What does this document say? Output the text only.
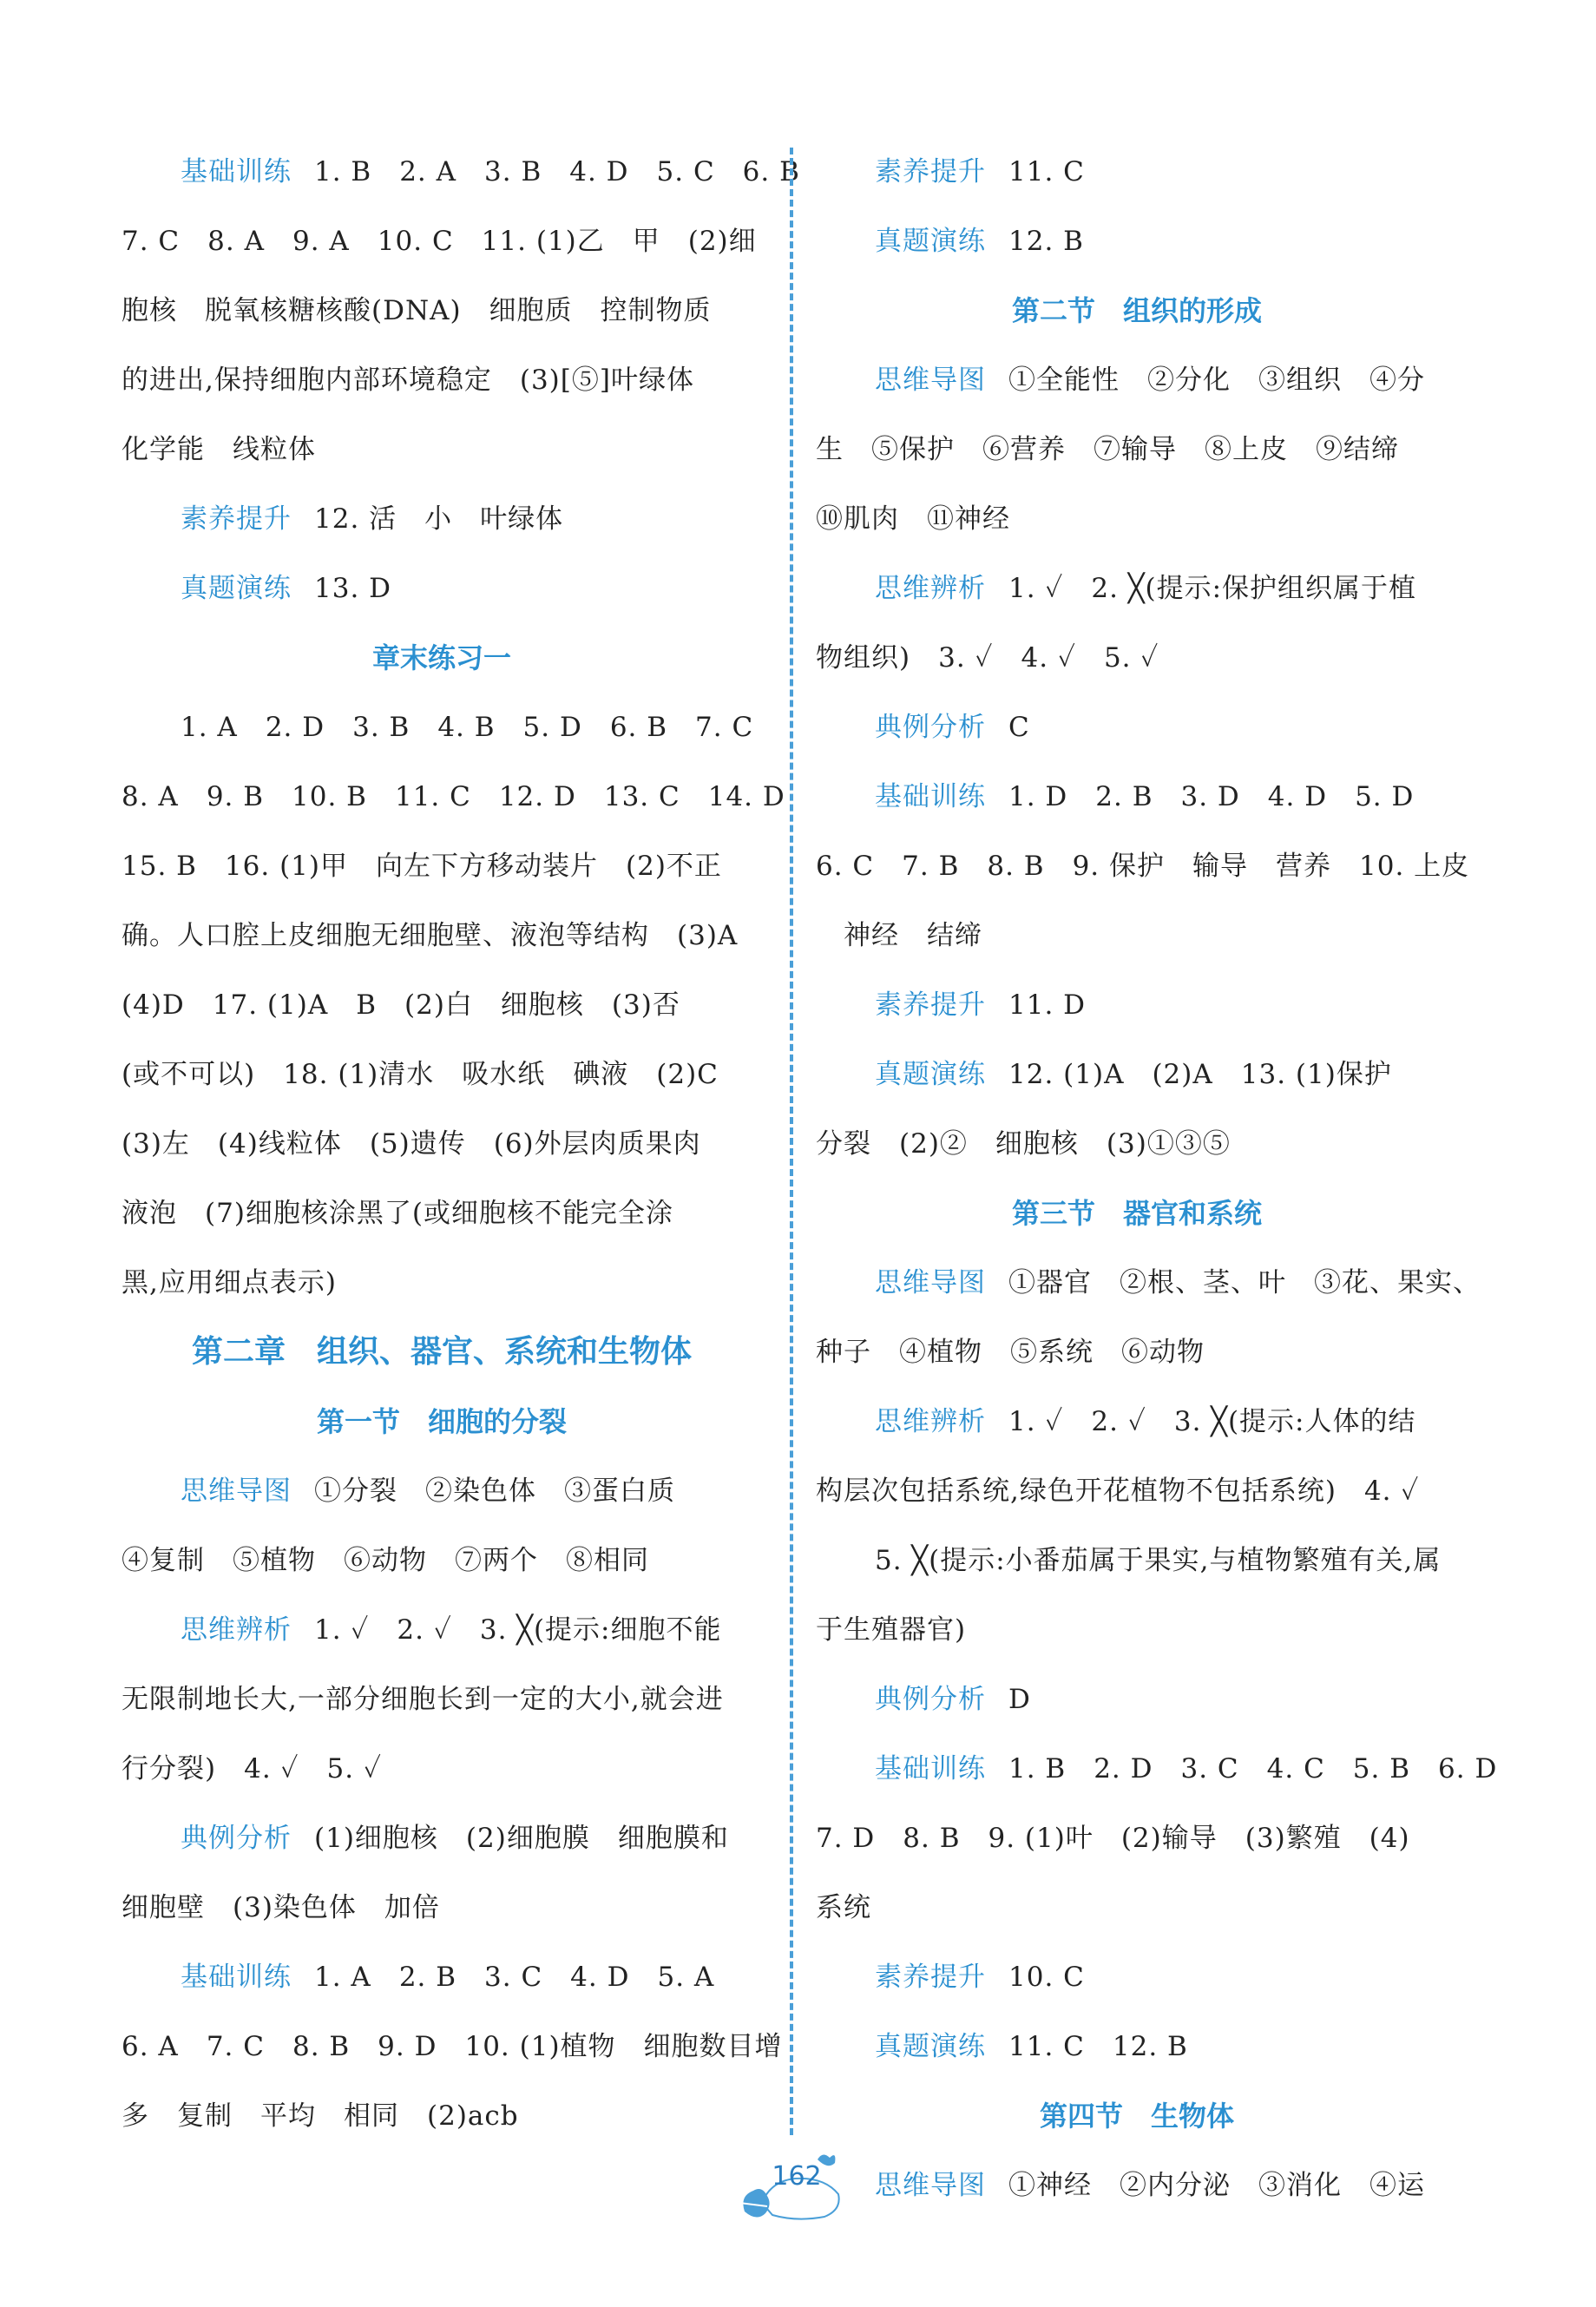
基础训练 1. B　2. A　3. B　4. D　5. C　6. B
7. C　8. A　9. A　10. C　11. (1)乙　甲　(2)细
胞核　脱氧核糖核酸(DNA)　细胞质　控制物质
的进出,保持细胞内部环境稳定　(3)[⑤]叶绿体
化学能　线粒体
素养提升 12. 活　小　叶绿体
真题演练 13. D
章末练习一
1. A　2. D　3. B　4. B　5. D　6. B　7. C
8. A　9. B　10. B　11. C　12. D　13. C　14. D
15. B　16. (1)甲　向左下方移动装片　(2)不正
确。人口腔上皮细胞无细胞壁、液泡等结构　(3)A
(4)D　17. (1)A　B　(2)白　细胞核　(3)否
(或不可以)　18. (1)清水　吸水纸　碘液　(2)C
(3)左　(4)线粒体　(5)遗传　(6)外层肉质果肉
液泡　(7)细胞核涂黑了(或细胞核不能完全涂
黑,应用细点表示)
第二章　组织、器官、系统和生物体
第一节　细胞的分裂
思维导图 ①分裂　②染色体　③蛋白质
④复制　⑤植物　⑥动物　⑦两个　⑧相同
思维辨析 1. ✓　2. ✓　3. ╳(提示:细胞不能
无限制地长大,一部分细胞长到一定的大小,就会进
行分裂)　4. ✓　5. ✓
典例分析 (1)细胞核　(2)细胞膜　细胞膜和
细胞壁　(3)染色体　加倍
基础训练 1. A　2. B　3. C　4. D　5. A
6. A　7. C　8. B　9. D　10. (1)植物　细胞数目增
多　复制　平均　相同　(2)acb
素养提升 11. C
真题演练 12. B
第二节　组织的形成
思维导图 ①全能性　②分化　③组织　④分
生　⑤保护　⑥营养　⑦输导　⑧上皮　⑨结缔
⑩肌肉　⑪神经
思维辨析 1. ✓　2. ╳(提示:保护组织属于植
物组织)　3. ✓　4. ✓　5. ✓
典例分析 C
基础训练 1. D　2. B　3. D　4. D　5. D
6. C　7. B　8. B　9. 保护　输导　营养　10. 上皮
　神经　结缔
素养提升 11. D
真题演练 12. (1)A　(2)A　13. (1)保护
分裂　(2)②　细胞核　(3)①③⑤
第三节　器官和系统
思维导图 ①器官　②根、茎、叶　③花、果实、
种子　④植物　⑤系统　⑥动物
思维辨析 1. ✓　2. ✓　3. ╳(提示:人体的结
构层次包括系统,绿色开花植物不包括系统)　4. ✓
5. ╳(提示:小番茄属于果实,与植物繁殖有关,属
于生殖器官)
典例分析 D
基础训练 1. B　2. D　3. C　4. C　5. B　6. D
7. D　8. B　9. (1)叶　(2)输导　(3)繁殖　(4)
系统
素养提升 10. C
真题演练 11. C　12. B
第四节　生物体
思维导图 ①神经　②内分泌　③消化　④运
162
